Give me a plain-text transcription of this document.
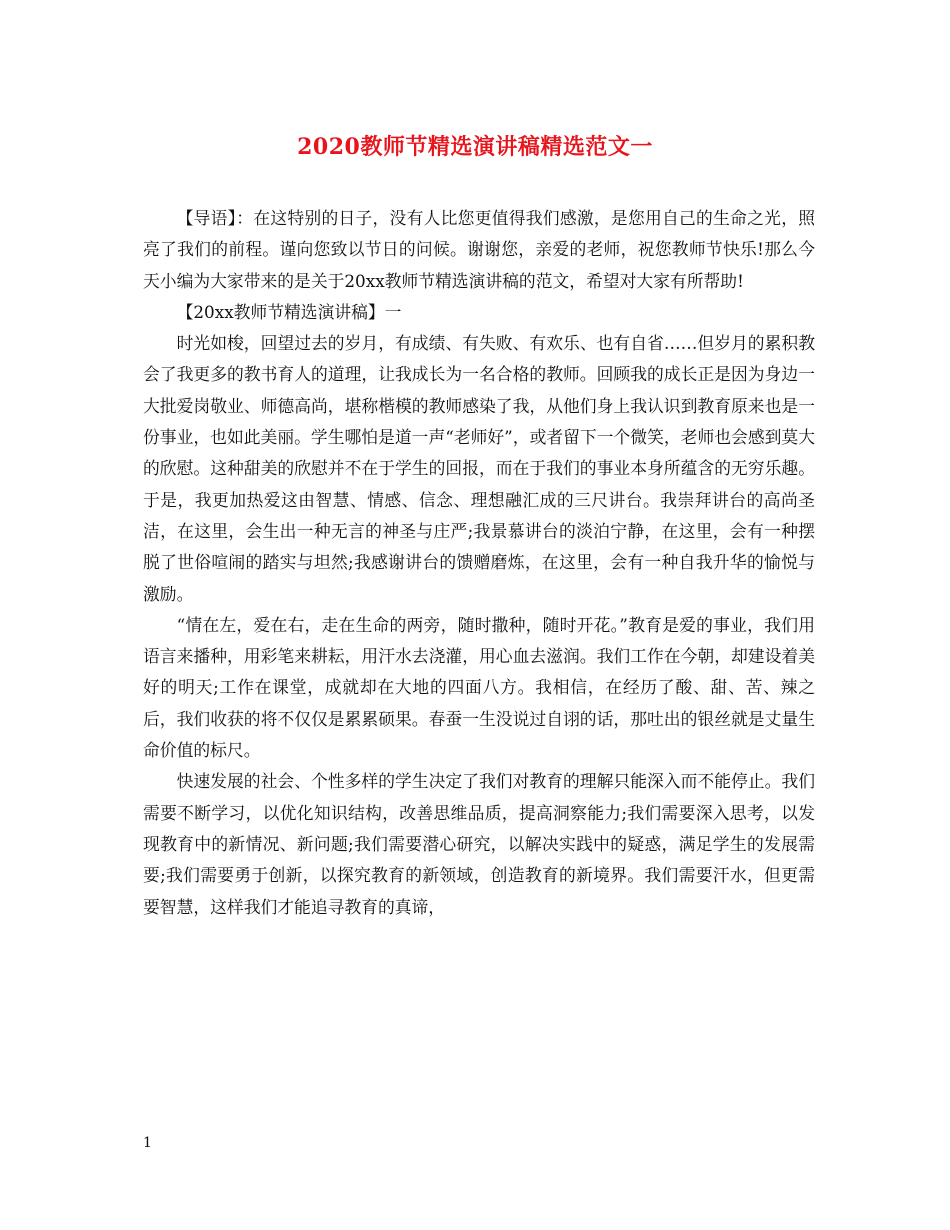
2020教师节精选演讲稿精选范文一

【导语】：在这特别的日子，没有人比您更值得我们感激，是您用自己的生命之光，照亮了我们的前程。谨向您致以节日的问候。谢谢您，亲爱的老师，祝您教师节快乐!那么今天小编为大家带来的是关于20xx教师节精选演讲稿的范文，希望对大家有所帮助!

【20xx教师节精选演讲稿】一

时光如梭，回望过去的岁月，有成绩、有失败、有欢乐、也有自省……但岁月的累积教会了我更多的教书育人的道理，让我成长为一名合格的教师。回顾我的成长正是因为身边一大批爱岗敬业、师德高尚，堪称楷模的教师感染了我，从他们身上我认识到教育原来也是一份事业，也如此美丽。学生哪怕是道一声“老师好”，或者留下一个微笑，老师也会感到莫大的欣慰。这种甜美的欣慰并不在于学生的回报，而在于我们的事业本身所蕴含的无穷乐趣。于是，我更加热爱这由智慧、情感、信念、理想融汇成的三尺讲台。我崇拜讲台的高尚圣洁，在这里，会生出一种无言的神圣与庄严;我景慕讲台的淡泊宁静，在这里，会有一种摆脱了世俗喧闹的踏实与坦然;我感谢讲台的馈赠磨炼，在这里，会有一种自我升华的愉悦与激励。

“情在左，爱在右，走在生命的两旁，随时撒种，随时开花。”教育是爱的事业，我们用语言来播种，用彩笔来耕耘，用汗水去浇灌，用心血去滋润。我们工作在今朝，却建设着美好的明天;工作在课堂，成就却在大地的四面八方。我相信，在经历了酸、甜、苦、辣之后，我们收获的将不仅仅是累累硕果。春蚕一生没说过自诩的话，那吐出的银丝就是丈量生命价值的标尺。

快速发展的社会、个性多样的学生决定了我们对教育的理解只能深入而不能停止。我们需要不断学习，以优化知识结构，改善思维品质，提高洞察能力;我们需要深入思考，以发现教育中的新情况、新问题;我们需要潜心研究，以解决实践中的疑惑，满足学生的发展需要;我们需要勇于创新，以探究教育的新领域，创造教育的新境界。我们需要汗水，但更需要智慧，这样我们才能追寻教育的真谛，

1
